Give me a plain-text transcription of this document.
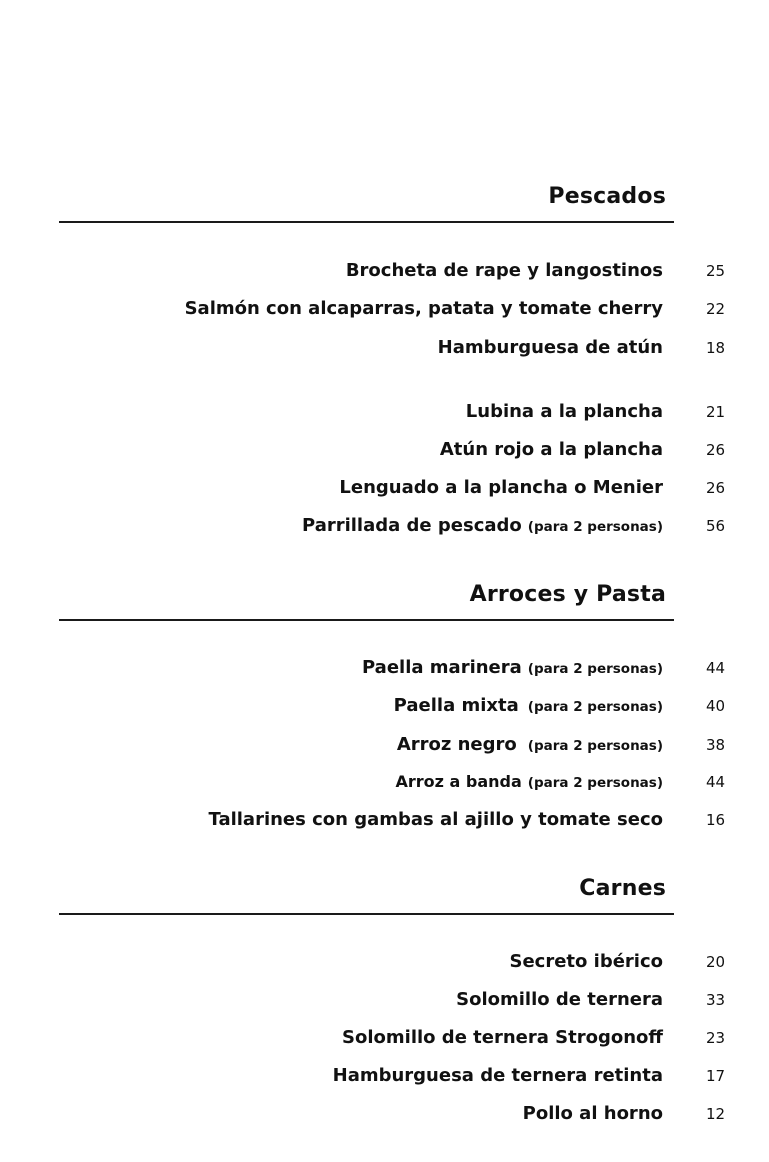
Pescados
Brocheta de rape y langostinos	25
Salmón con alcaparras, patata y tomate cherry	22
Hamburguesa de atún	18
Lubina a la plancha	21
Atún rojo a la plancha	26
Lenguado a la plancha o Menier	26
Parrillada de pescado (para 2 personas)	56
Arroces y Pasta
Paella marinera (para 2 personas)	44
Paella mixta (para 2 personas)	40
Arroz negro (para 2 personas)	38
Arroz a banda (para 2 personas)	44
Tallarines con gambas al ajillo y tomate seco	16
Carnes
Secreto ibérico	20
Solomillo de ternera	33
Solomillo de ternera Strogonoff	23
Hamburguesa de ternera retinta	17
Pollo al horno	12
